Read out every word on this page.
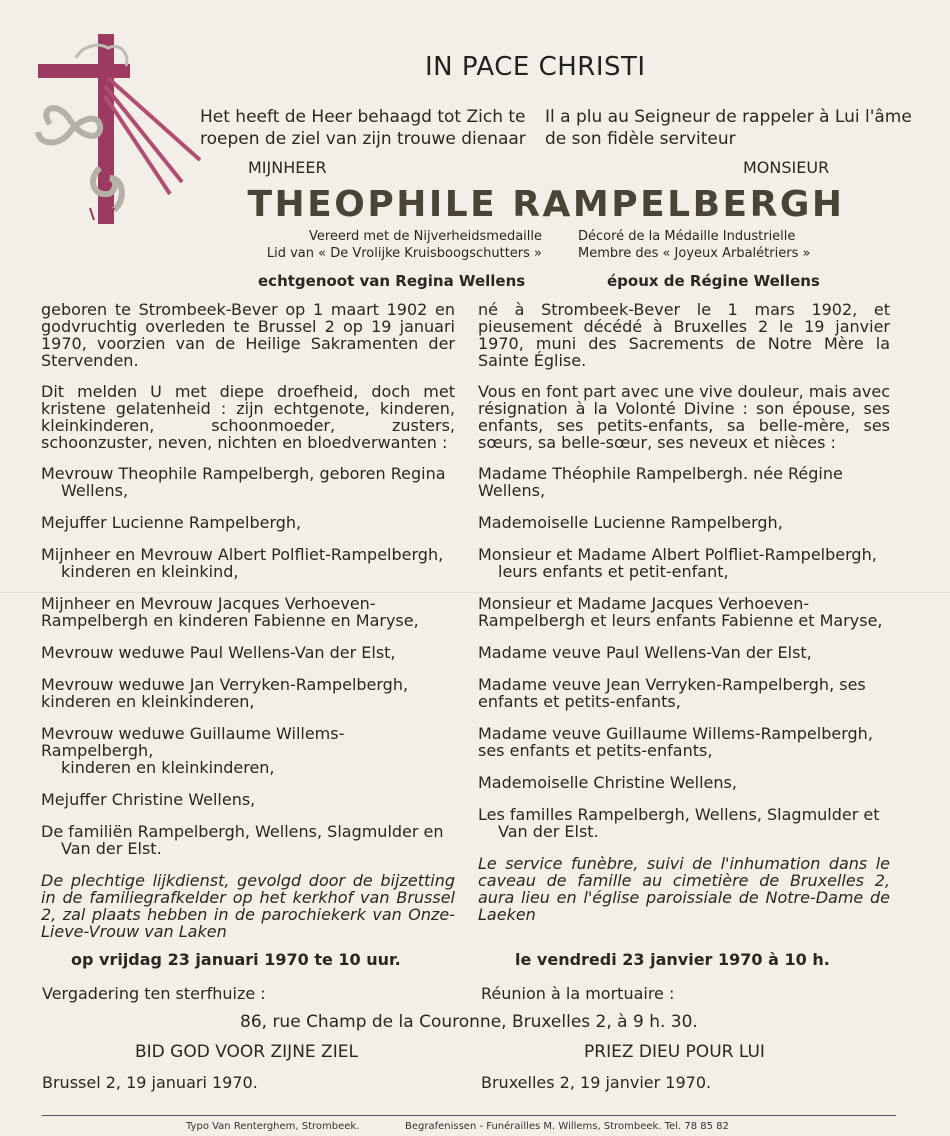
IN PACE CHRISTI
Het heeft de Heer behaagd tot Zich te
roepen de ziel van zijn trouwe dienaar
Il a plu au Seigneur de rappeler à Lui l'âme
de son fidèle serviteur
MIJNHEER	MONSIEUR
THEOPHILE RAMPELBERGH
Vereerd met de Nijverheidsmedaille
Lid van « De Vrolijke Kruisboogschutters »
Décoré de la Médaille Industrielle
Membre des « Joyeux Arbalétriers »
echtgenoot van Regina Wellens	époux de Régine Wellens

geboren te Strombeek-Bever op 1 maart 1902 en godvruchtig overleden te Brussel 2 op 19 januari 1970, voorzien van de Heilige Sakramenten der Stervenden.

Dit melden U met diepe droefheid, doch met kristene gelatenheid : zijn echtgenote, kinderen, kleinkinderen, schoonmoeder, zusters, schoonzuster, neven, nichten en bloedverwanten :

Mevrouw Theophile Rampelbergh, geboren Regina
Wellens,
Mejuffer Lucienne Rampelbergh,
Mijnheer en Mevrouw Albert Polfliet-Rampelbergh,
kinderen en kleinkind,
Mijnheer en Mevrouw Jacques Verhoeven-Rampelbergh en kinderen Fabienne en Maryse,
Mevrouw weduwe Paul Wellens-Van der Elst,
Mevrouw weduwe Jan Verryken-Rampelbergh, kinderen en kleinkinderen,
Mevrouw weduwe Guillaume Willems-Rampelbergh,
kinderen en kleinkinderen,
Mejuffer Christine Wellens,
De familiën Rampelbergh, Wellens, Slagmulder en
Van der Elst.

De plechtige lijkdienst, gevolgd door de bijzetting in de familiegrafkelder op het kerkhof van Brussel 2, zal plaats hebben in de parochiekerk van Onze-Lieve-Vrouw van Laken

né à Strombeek-Bever le 1 mars 1902, et pieusement décédé à Bruxelles 2 le 19 janvier 1970, muni des Sacrements de Notre Mère la Sainte Église.

Vous en font part avec une vive douleur, mais avec résignation à la Volonté Divine : son épouse, ses enfants, ses petits-enfants, sa belle-mère, ses sœurs, sa belle-sœur, ses neveux et nièces :

Madame Théophile Rampelbergh. née Régine Wellens,
Mademoiselle Lucienne Rampelbergh,
Monsieur et Madame Albert Polfliet-Rampelbergh,
leurs enfants et petit-enfant,
Monsieur et Madame Jacques Verhoeven-Rampelbergh et leurs enfants Fabienne et Maryse,
Madame veuve Paul Wellens-Van der Elst,
Madame veuve Jean Verryken-Rampelbergh, ses enfants et petits-enfants,
Madame veuve Guillaume Willems-Rampelbergh, ses enfants et petits-enfants,
Mademoiselle Christine Wellens,
Les familles Rampelbergh, Wellens, Slagmulder et
Van der Elst.

Le service funèbre, suivi de l'inhumation dans le caveau de famille au cimetière de Bruxelles 2, aura lieu en l'église paroissiale de Notre-Dame de Laeken

op vrijdag 23 januari 1970 te 10 uur.	le vendredi 23 janvier 1970 à 10 h.
Vergadering ten sterfhuize :	Réunion à la mortuaire :
86, rue Champ de la Couronne, Bruxelles 2, à 9 h. 30.
BID GOD VOOR ZIJNE ZIEL	PRIEZ DIEU POUR LUI
Brussel 2, 19 januari 1970.	Bruxelles 2, 19 janvier 1970.
Typo Van Renterghem, Strombeek.	Begrafenissen - Funérailles M. Willems, Strombeek. Tel. 78 85 82
